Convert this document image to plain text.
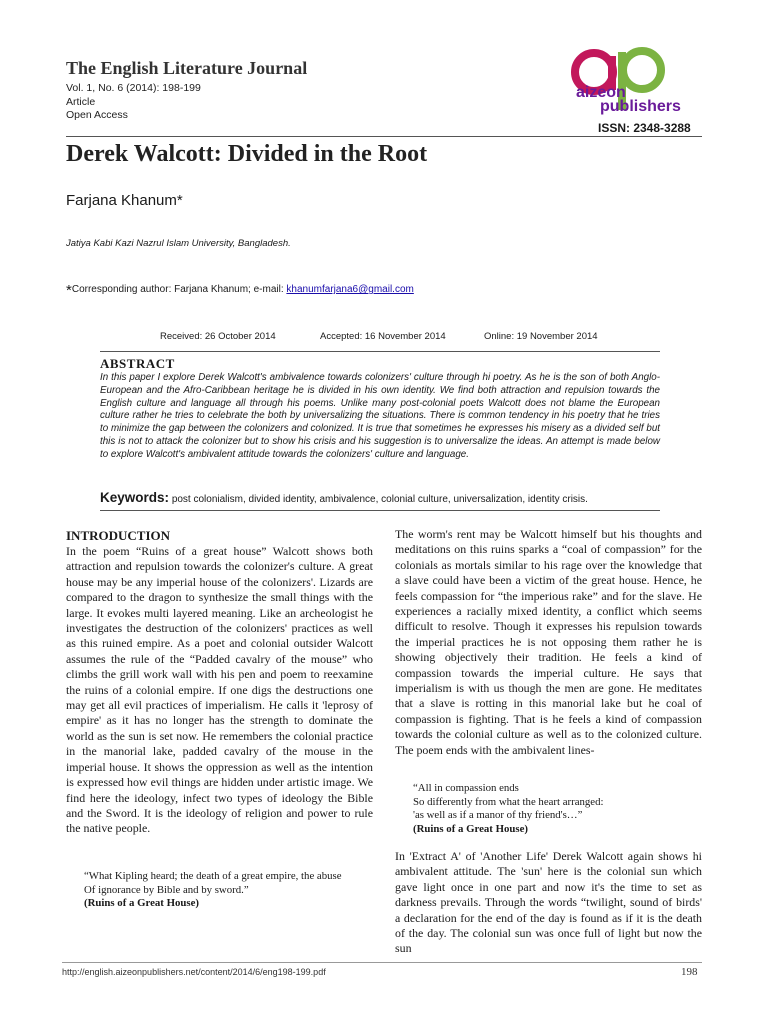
The English Literature Journal
Vol. 1, No. 6 (2014): 198-199
Article
Open Access
aizeon
publishers
ISSN: 2348-3288
Derek Walcott: Divided in the Root
Farjana Khanum*
Jatiya Kabi Kazi Nazrul Islam University, Bangladesh.
*Corresponding author: Farjana Khanum; e-mail: khanumfarjana6@gmail.com
Received: 26 October 2014	Accepted: 16 November 2014	Online: 19 November 2014
ABSTRACT
In this paper I explore Derek Walcott's ambivalence towards colonizers' culture through hi poetry. As he is the son of both Anglo-European and the Afro-Caribbean heritage he is divided in his own identity. We find both attraction and repulsion towards the English culture and language all through his poems. Unlike many post-colonial poets Walcott does not blame the European culture rather he tries to celebrate the both by universalizing the situations. There is common tendency in his poetry that he tries to minimize the gap between the colonizers and colonized. It is true that sometimes he expresses his misery as a divided self but this is not to attack the colonizer but to show his crisis and his suggestion is to universalize the ideas. An attempt is made below to explore Walcott's ambivalent attitude towards the colonizers' culture and language.
Keywords: post colonialism, divided identity, ambivalence, colonial culture, universalization, identity crisis.
INTRODUCTION

In the poem “Ruins of a great house” Walcott shows both attraction and repulsion towards the colonizer's culture. A great house may be any imperial house of the colonizers'. Lizards are compared to the dragon to synthesize the small things with the large. It evokes multi layered meaning. Like an archeologist he investigates the destruction of the colonizers' practices as well as this ruined empire. As a poet and colonial outsider Walcott assumes the rule of the “Padded cavalry of the mouse” who climbs the grill work wall with his pen and poem to reexamine the ruins of a colonial empire. If one digs the destructions one may get all evil practices of imperialism. He calls it 'leprosy of empire' as it has no longer has the strength to dominate the world as the sun is set now. He remembers the colonial practice in the manorial lake, padded cavalry of the mouse in the imperial house. It shows the oppression as well as the intention is expressed how evil things are hidden under artistic image. We find here the ideology, infect two types of ideology the Bible and the Sword. It is the ideology of religion and power to rule the native people.

“What Kipling heard; the death of a great empire, the abuse
Of ignorance by Bible and by sword.”
(Ruins of a Great House)

The worm's rent may be Walcott himself but his thoughts and meditations on this ruins sparks a “coal of compassion” for the colonials as mortals similar to his rage over the knowledge that a slave could have been a victim of the great house. Hence, he feels compassion for “the imperious rake” and for the slave. He experiences a racially mixed identity, a conflict which seems difficult to resolve. Though it expresses his repulsion towards the imperial practices he is not opposing them rather he is showing objectively their tradition. He feels a kind of compassion towards the imperial culture. He says that imperialism is with us though the men are gone. He meditates that a slave is rotting in this manorial lake but he coal of compassion is fighting. That is he feels a kind of compassion towards the colonial culture as well as to the colonized culture. The poem ends with the ambivalent lines-

“All in compassion ends
So differently from what the heart arranged:
'as well as if a manor of thy friend's…”
(Ruins of a Great House)

In 'Extract A' of 'Another Life' Derek Walcott again shows hi ambivalent attitude. The 'sun' here is the colonial sun which gave light once in one part and now it's the time to set as darkness prevails. Through the words “twilight, sound of birds' a declaration for the end of the day is found as if it is the death of the day. The colonial sun was once full of light but now the sun

http://english.aizeonpublishers.net/content/2014/6/eng198-199.pdf	198
